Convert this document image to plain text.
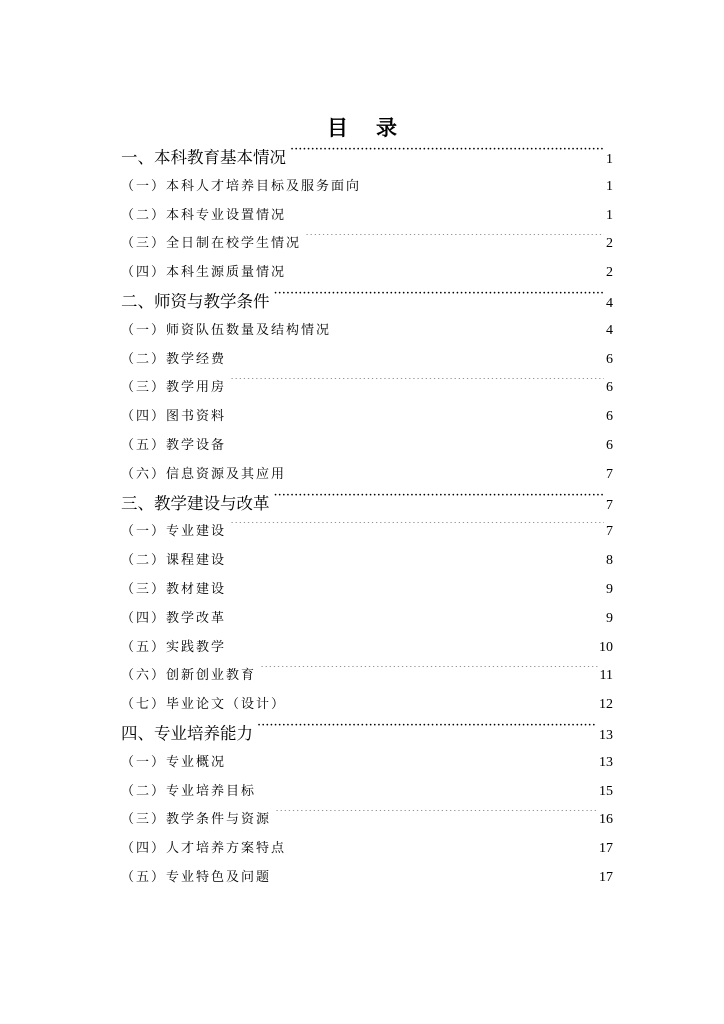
目录
一、本科教育基本情况 ·····	1
（一）本科人才培养目标及服务面向 ·····	1
（二）本科专业设置情况 ·····	1
（三）全日制在校学生情况 ·····	2
（四）本科生源质量情况 ·····	2
二、师资与教学条件 ·····	4
（一）师资队伍数量及结构情况 ·····	4
（二）教学经费 ·····	6
（三）教学用房 ·····	6
（四）图书资料 ·····	6
（五）教学设备 ·····	6
（六）信息资源及其应用 ·····	7
三、教学建设与改革 ·····	7
（一）专业建设 ·····	7
（二）课程建设 ·····	8
（三）教材建设 ·····	9
（四）教学改革 ·····	9
（五）实践教学 ·····	10
（六）创新创业教育 ·····	11
（七）毕业论文（设计） ·····	12
四、专业培养能力 ·····	13
（一）专业概况 ·····	13
（二）专业培养目标 ·····	15
（三）教学条件与资源 ·····	16
（四）人才培养方案特点 ·····	17
（五）专业特色及问题 ·····	17
